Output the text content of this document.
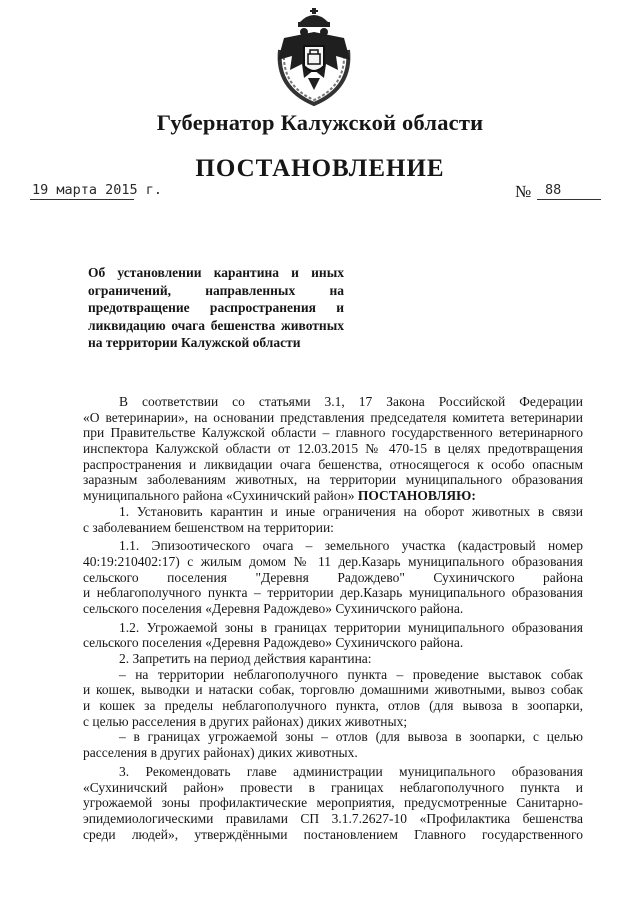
Губернатор Калужской области
ПОСТАНОВЛЕНИЕ
19 марта 2015 г.	№ 88
Об установлении карантина и иных
ограничений, направленных на
предотвращение распространения и
ликвидацию очага бешенства животных
на территории Калужской области
В соответствии со статьями 3.1, 17 Закона Российской Федерации
«О ветеринарии», на основании представления председателя комитета ветеринарии
при Правительстве Калужской области – главного государственного ветеринарного
инспектора Калужской области от 12.03.2015 № 470-15 в целях предотвращения
распространения и ликвидации очага бешенства, относящегося к особо опасным
заразным заболеваниям животных, на территории муниципального образования
муниципального района «Сухиничский район» ПОСТАНОВЛЯЮ:
1. Установить карантин и иные ограничения на оборот животных в связи
с заболеванием бешенством на территории:
1.1. Эпизоотического очага – земельного участка (кадастровый номер
40:19:210402:17) с жилым домом № 11 дер.Казарь муниципального образования
сельского поселения "Деревня Радождево" Сухиничского района
и неблагополучного пункта – территории дер.Казарь муниципального образования
сельского поселения «Деревня Радождево» Сухиничского района.
1.2. Угрожаемой зоны в границах территории муниципального образования
сельского поселения «Деревня Радождево» Сухиничского района.
2. Запретить на период действия карантина:
– на территории неблагополучного пункта – проведение выставок собак
и кошек, выводки и натаски собак, торговлю домашними животными, вывоз собак
и кошек за пределы неблагополучного пункта, отлов (для вывоза в зоопарки,
с целью расселения в других районах) диких животных;
– в границах угрожаемой зоны – отлов (для вывоза в зоопарки, с целью
расселения в других районах) диких животных.
3. Рекомендовать главе администрации муниципального образования
«Сухиничский район» провести в границах неблагополучного пункта и
угрожаемой зоны профилактические мероприятия, предусмотренные Санитарно-
эпидемиологическими правилами СП 3.1.7.2627-10 «Профилактика бешенства
среди людей», утверждёнными постановлением Главного государственного
